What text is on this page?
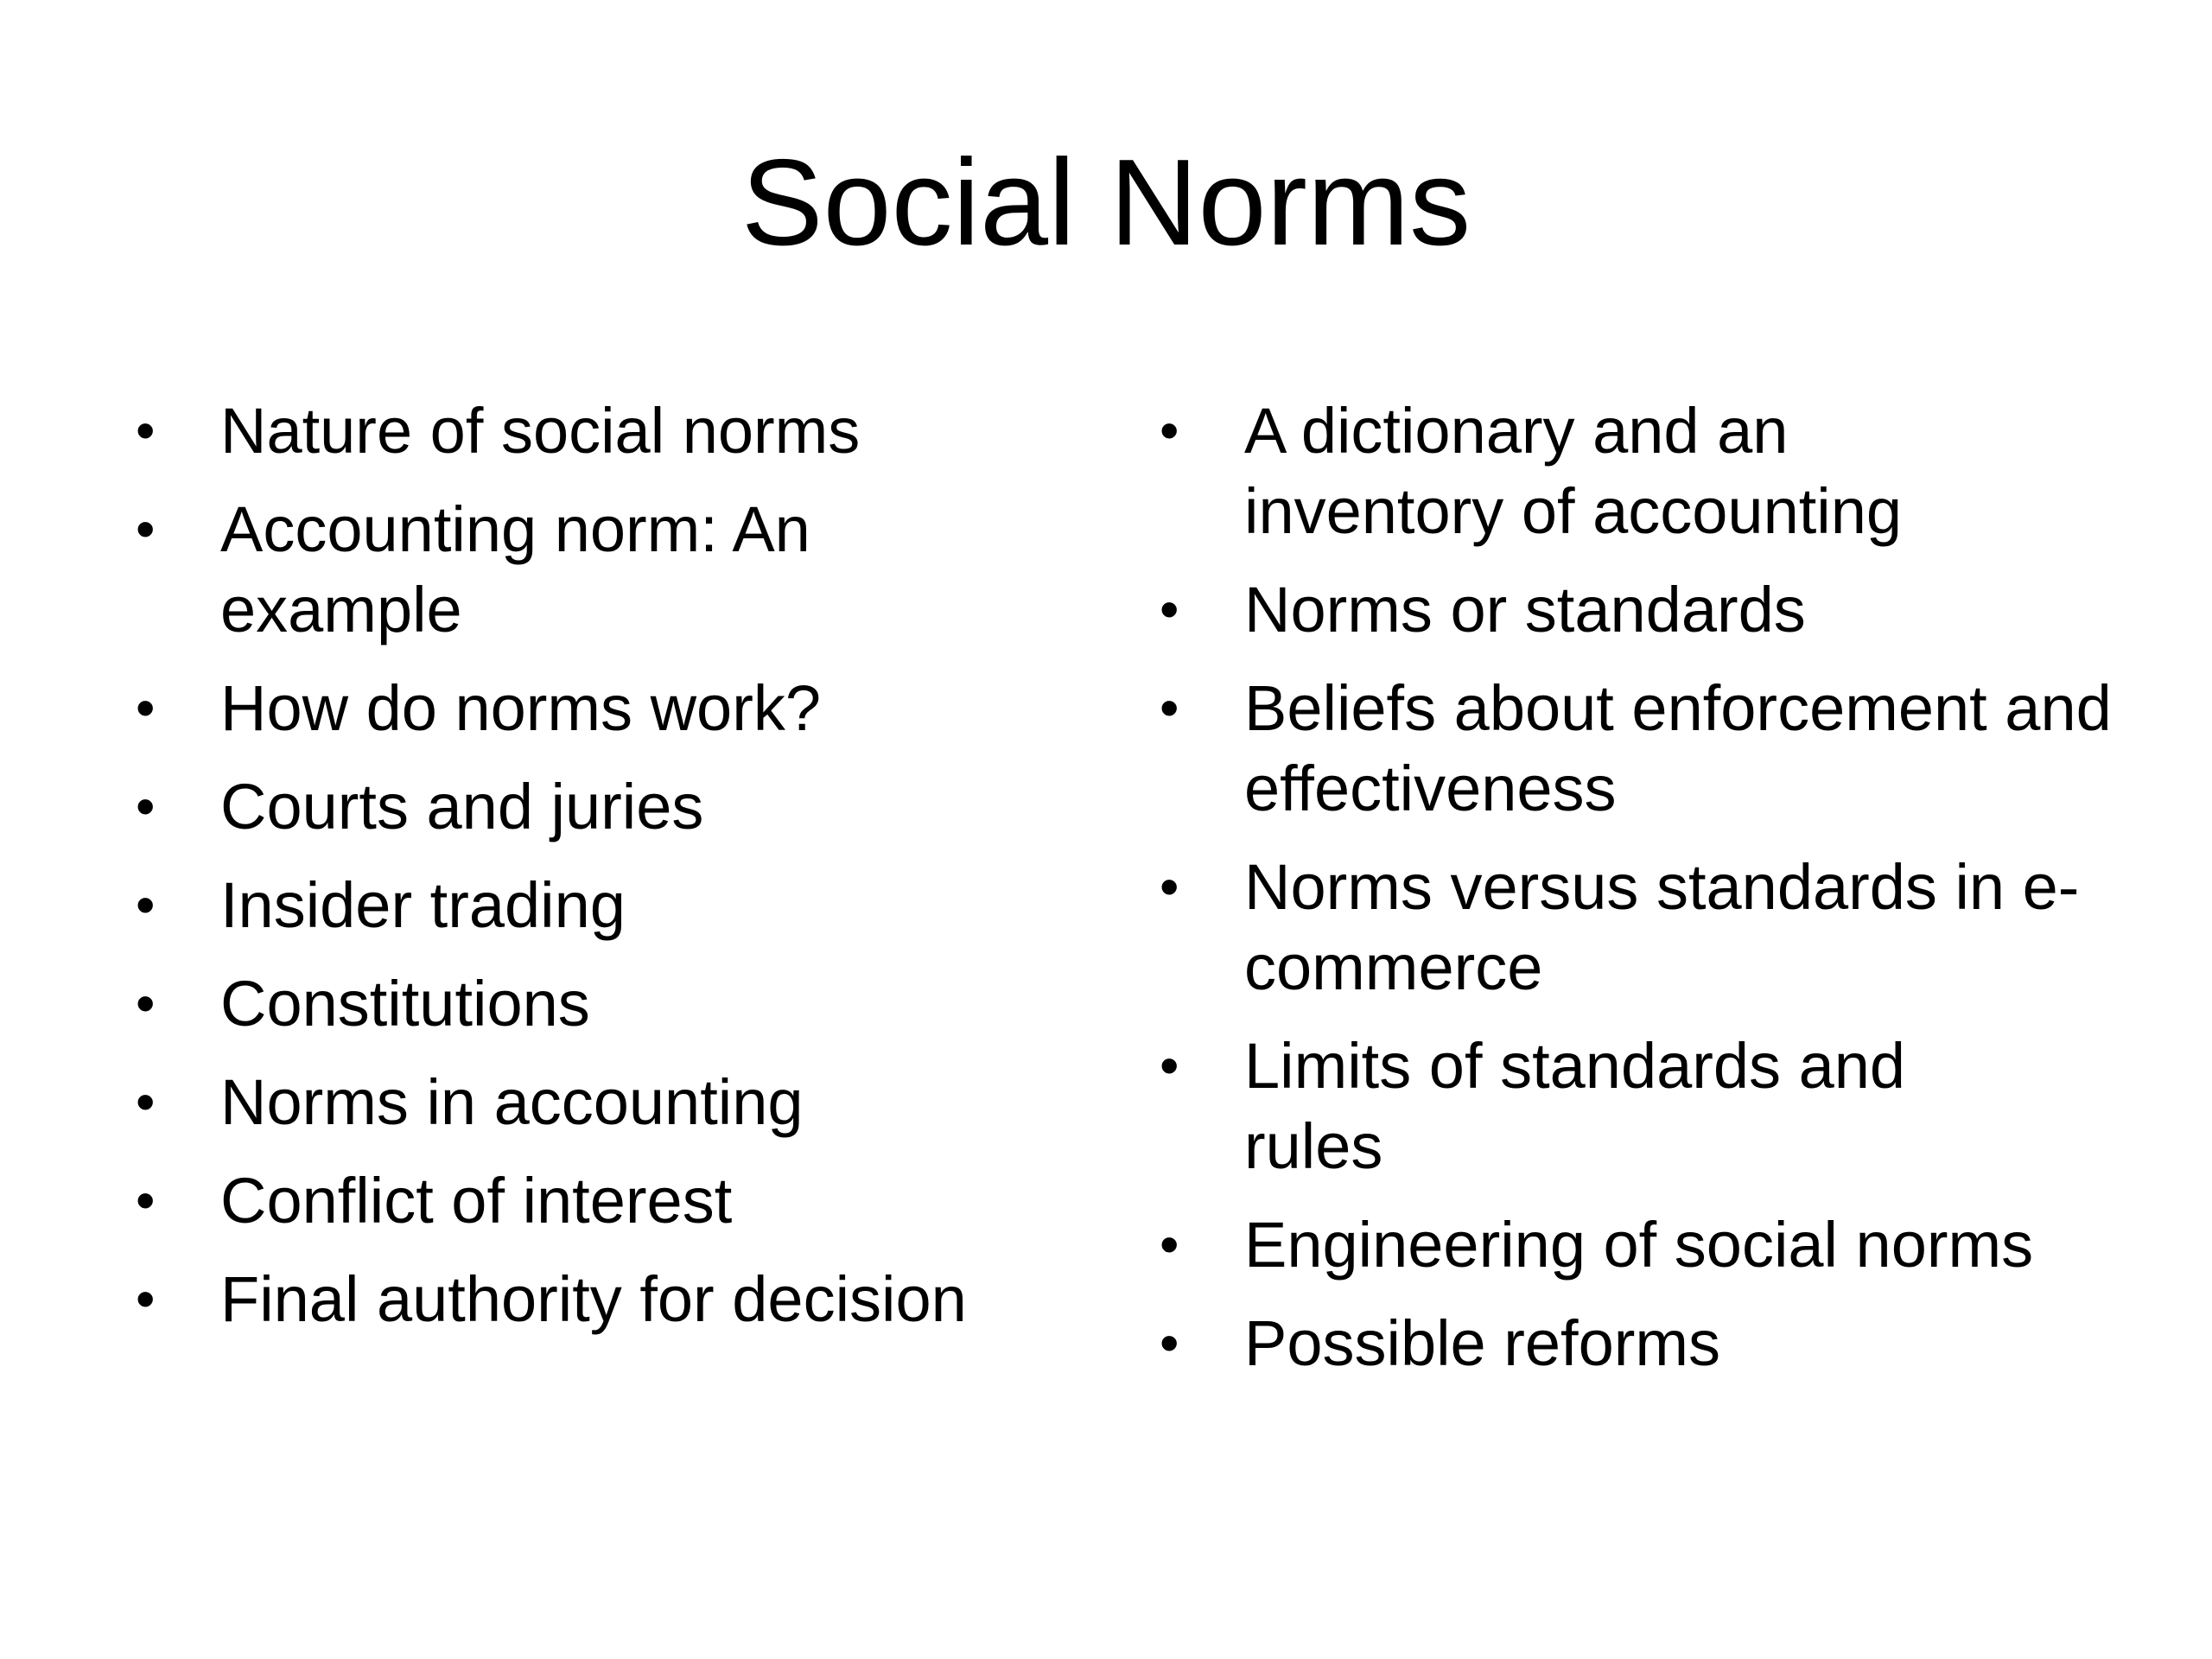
Social Norms
• Nature of social norms
• Accounting norm: An example
• How do norms work?
• Courts and juries
• Insider trading
• Constitutions
• Norms in accounting
• Conflict of interest
• Final authority for decision
• A dictionary and an inventory of accounting
• Norms or standards
• Beliefs about enforcement and effectiveness
• Norms versus standards in e-commerce
• Limits of standards and rules
• Engineering of social norms
• Possible reforms
